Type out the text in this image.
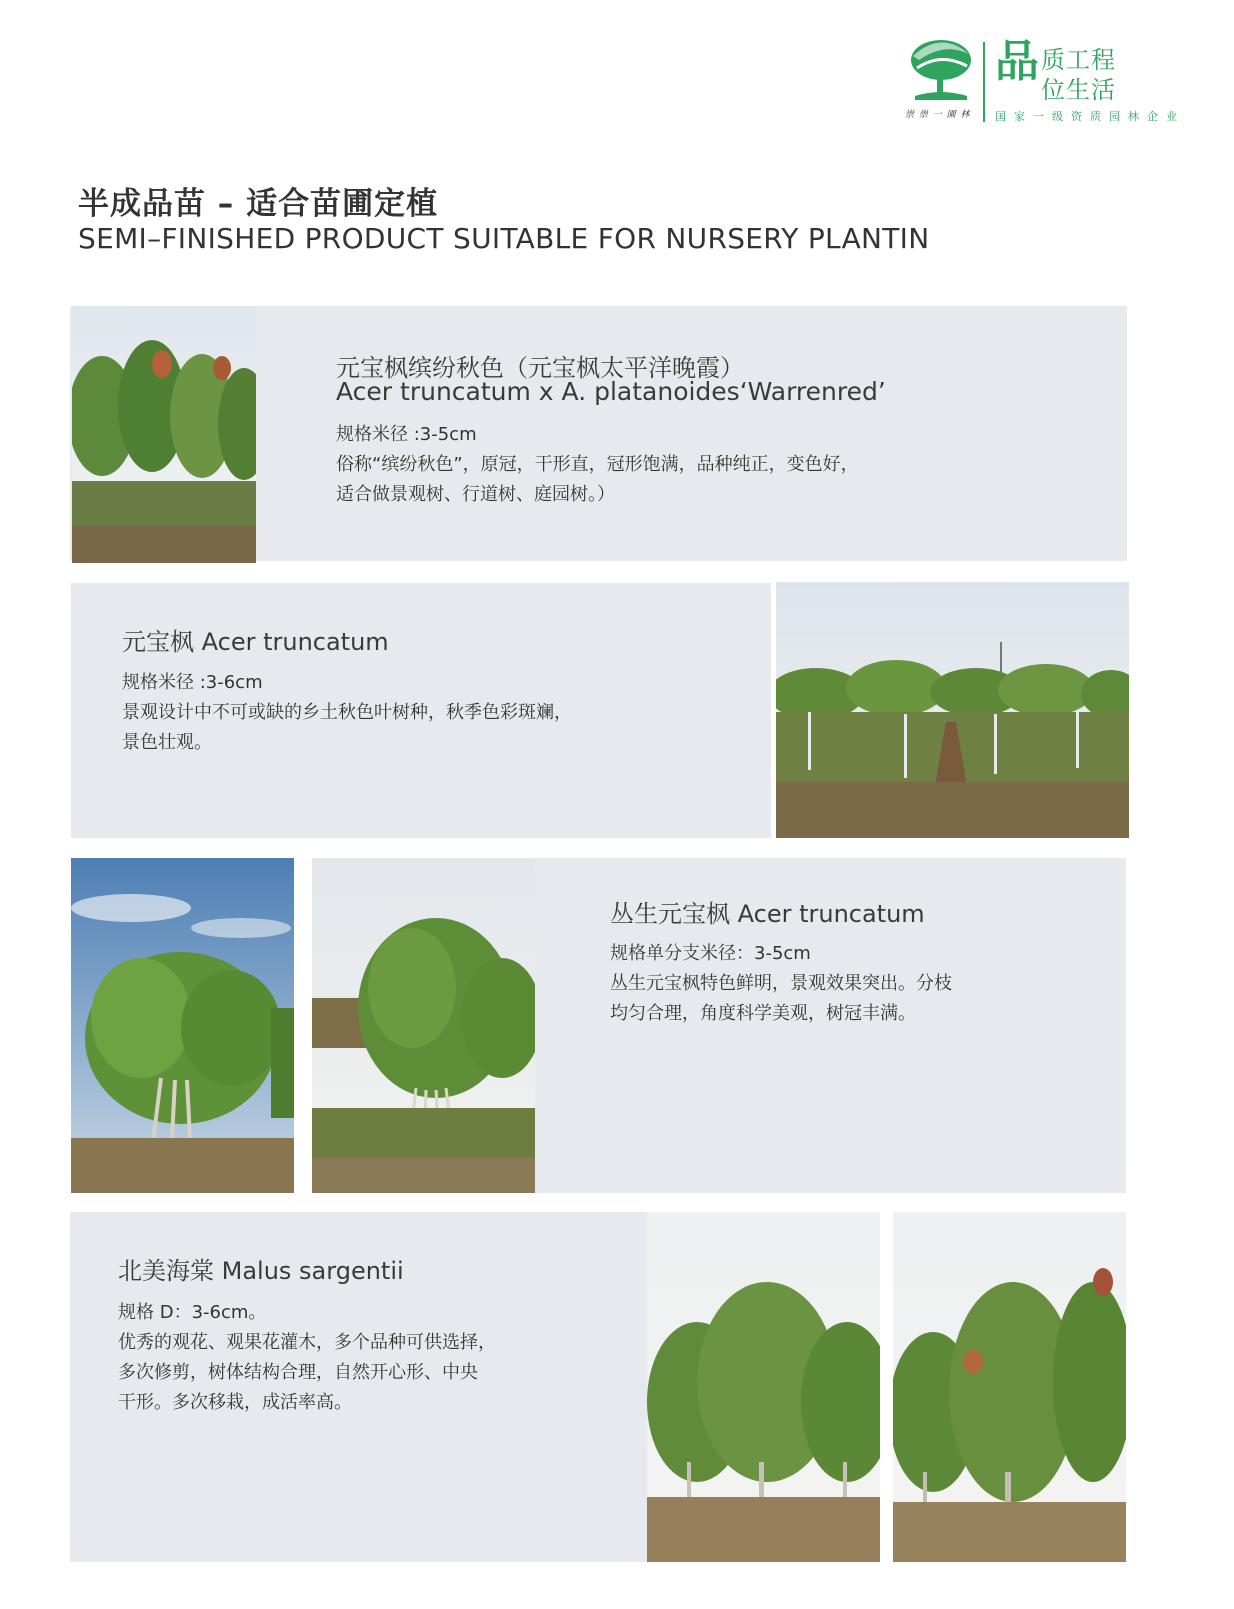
崇 崇 一 園 林
品 质工程
位生活
国家一级资质园林企业
半成品苗 – 适合苗圃定植
SEMI–FINISHED PRODUCT SUITABLE FOR NURSERY PLANTIN
元宝枫缤纷秋色（元宝枫太平洋晚霞）
Acer truncatum x A. platanoides‘Warrenred’
规格米径 :3-5cm
俗称“缤纷秋色”，原冠，干形直，冠形饱满，品种纯正，变色好，
适合做景观树、行道树、庭园树。）
元宝枫 Acer truncatum
规格米径 :3-6cm
景观设计中不可或缺的乡土秋色叶树种，秋季色彩斑斓，
景色壮观。
丛生元宝枫 Acer truncatum
规格单分支米径：3-5cm
丛生元宝枫特色鲜明，景观效果突出。分枝
均匀合理，角度科学美观，树冠丰满。
北美海棠 Malus sargentii
规格 D：3-6cm。
优秀的观花、观果花灌木，多个品种可供选择，
多次修剪，树体结构合理，自然开心形、中央
干形。多次移栽，成活率高。
